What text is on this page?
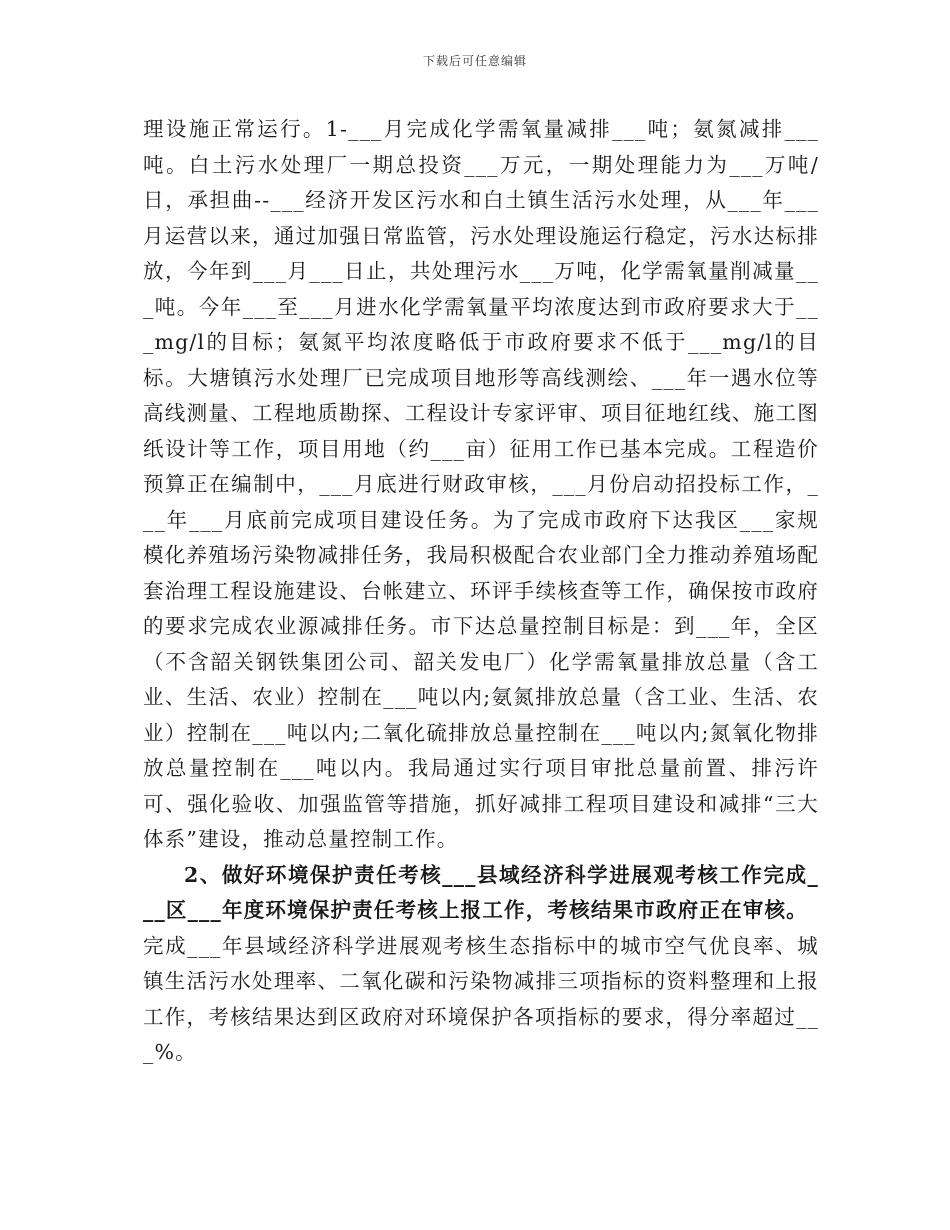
下载后可任意编辑

理设施正常运行。1-___月完成化学需氧量减排___吨；氨氮减排___吨。白土污水处理厂一期总投资___万元，一期处理能力为___万吨/日，承担曲--___经济开发区污水和白土镇生活污水处理，从___年___月运营以来，通过加强日常监管，污水处理设施运行稳定，污水达标排放，今年到___月___日止，共处理污水___万吨，化学需氧量削减量___吨。今年___至___月进水化学需氧量平均浓度达到市政府要求大于___mg/l的目标；氨氮平均浓度略低于市政府要求不低于___mg/l的目标。大塘镇污水处理厂已完成项目地形等高线测绘、___年一遇水位等高线测量、工程地质勘探、工程设计专家评审、项目征地红线、施工图纸设计等工作，项目用地（约___亩）征用工作已基本完成。工程造价预算正在编制中，___月底进行财政审核，___月份启动招投标工作，___年___月底前完成项目建设任务。为了完成市政府下达我区___家规模化养殖场污染物减排任务，我局积极配合农业部门全力推动养殖场配套治理工程设施建设、台帐建立、环评手续核查等工作，确保按市政府的要求完成农业源减排任务。市下达总量控制目标是：到___年，全区（不含韶关钢铁集团公司、韶关发电厂）化学需氧量排放总量（含工业、生活、农业）控制在___吨以内;氨氮排放总量（含工业、生活、农业）控制在___吨以内;二氧化硫排放总量控制在___吨以内;氮氧化物排放总量控制在___吨以内。我局通过实行项目审批总量前置、排污许可、强化验收、加强监管等措施，抓好减排工程项目建设和减排“三大体系”建设，推动总量控制工作。

2、做好环境保护责任考核___县域经济科学进展观考核工作完成___区___年度环境保护责任考核上报工作，考核结果市政府正在审核。

完成___年县域经济科学进展观考核生态指标中的城市空气优良率、城镇生活污水处理率、二氧化碳和污染物减排三项指标的资料整理和上报工作，考核结果达到区政府对环境保护各项指标的要求，得分率超过___%。
